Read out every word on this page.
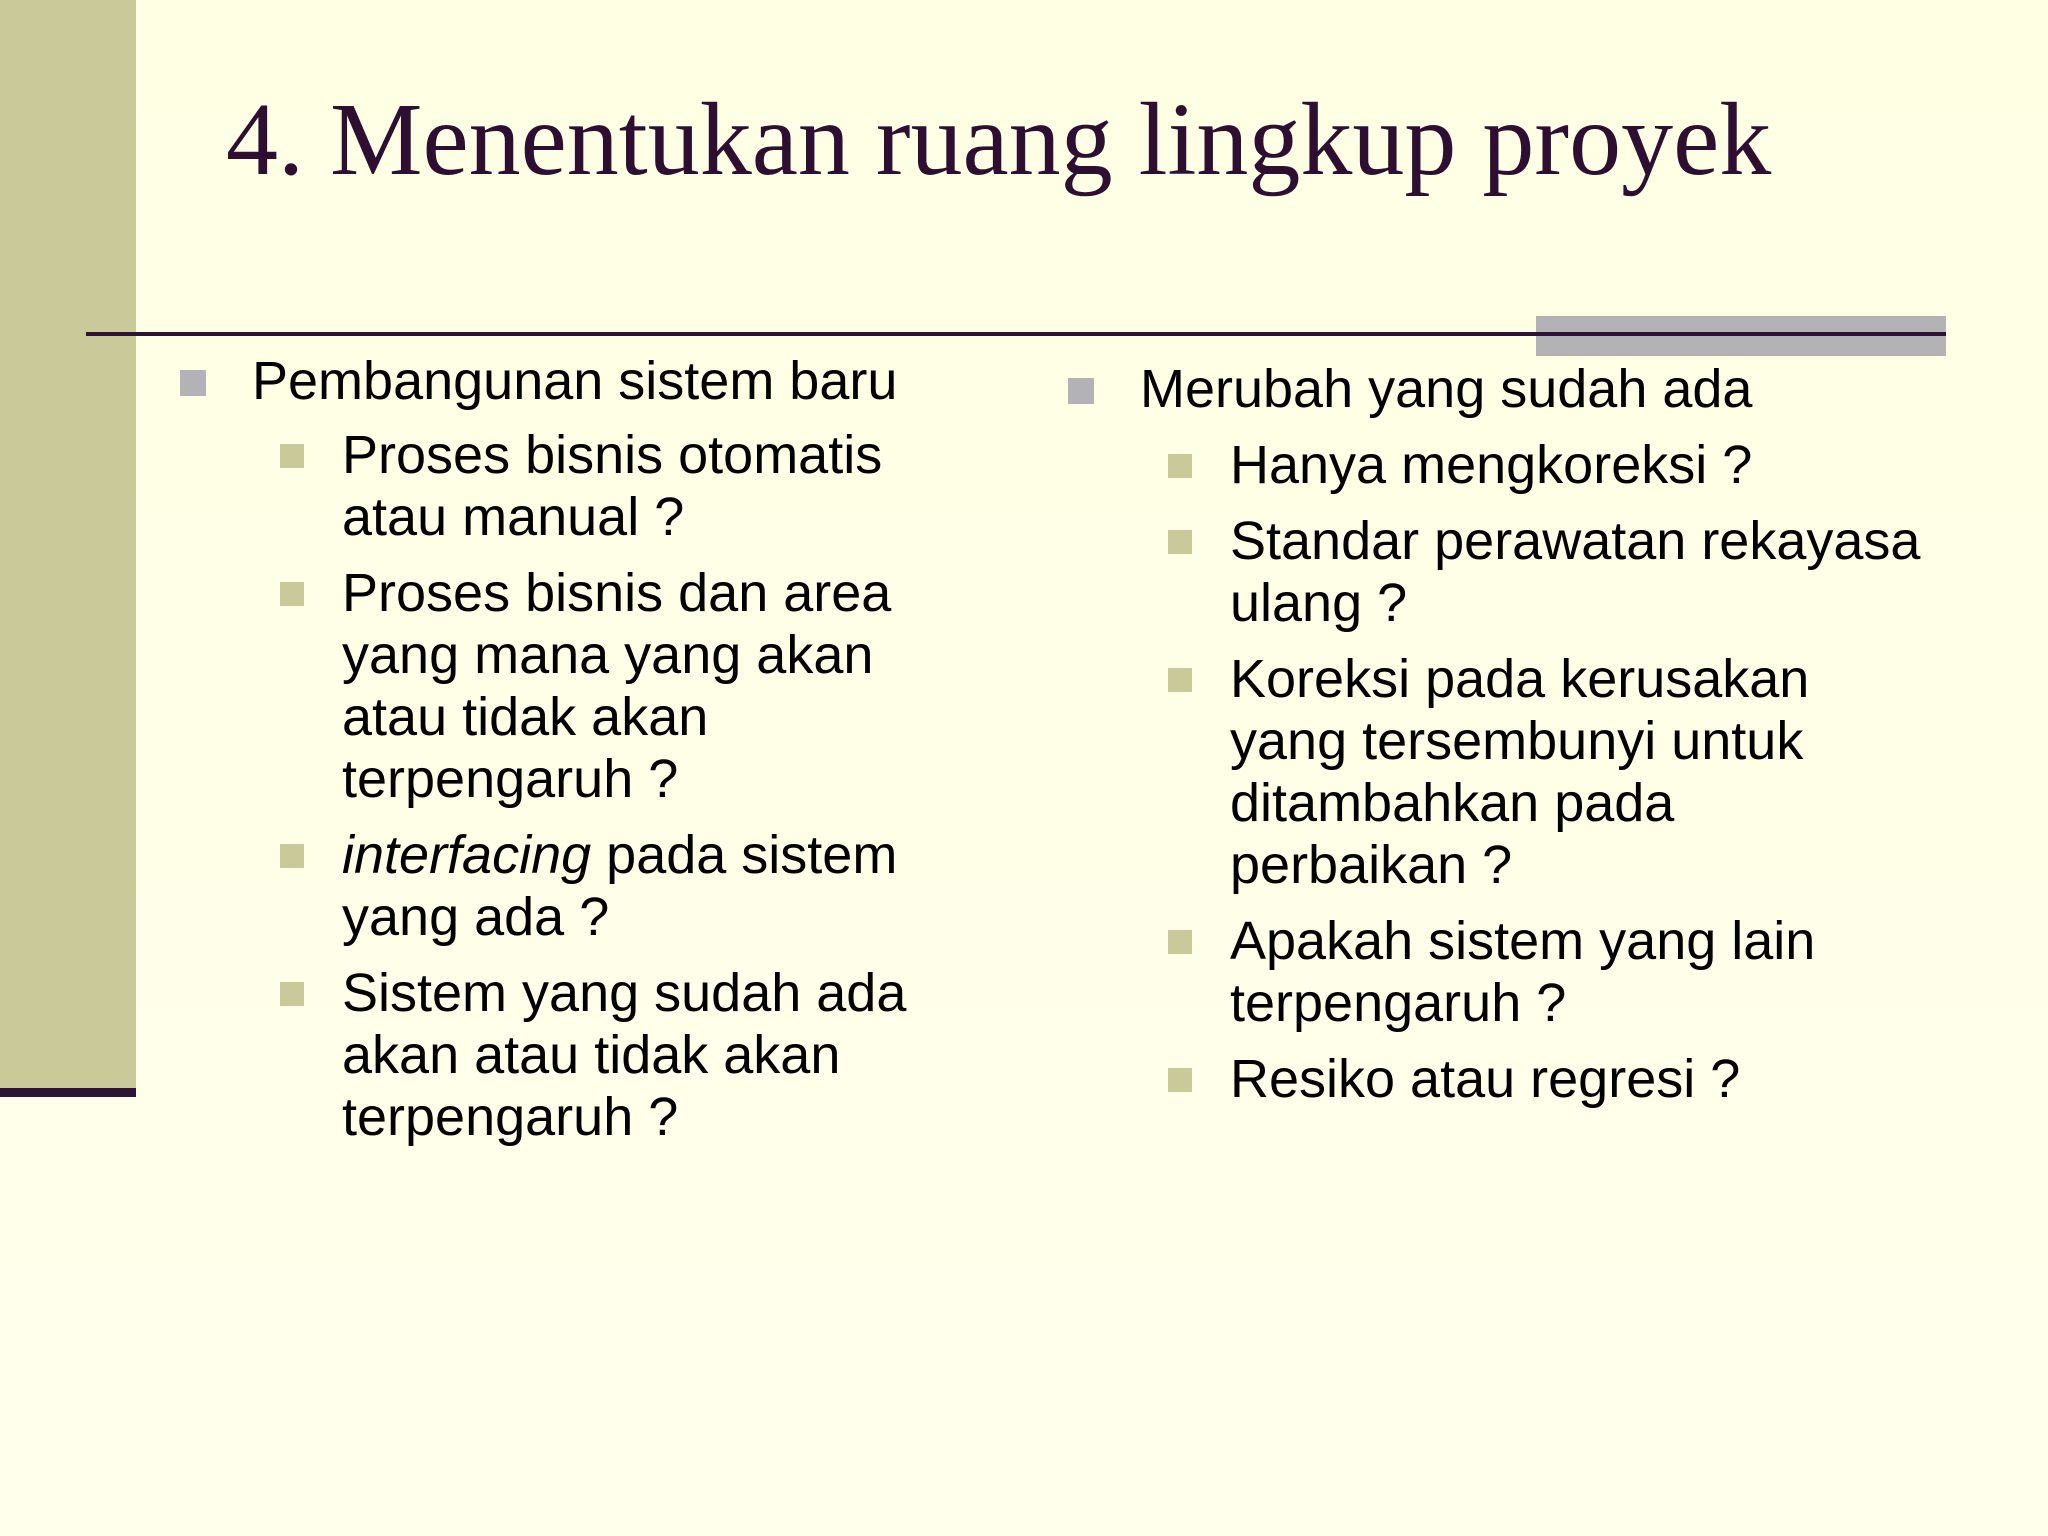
4. Menentukan ruang lingkup proyek
Pembangunan sistem baru
Proses bisnis otomatis atau manual ?
Proses bisnis dan area yang mana yang akan atau tidak akan terpengaruh ?
interfacing pada sistem yang ada ?
Sistem yang sudah ada akan atau tidak akan terpengaruh ?
Merubah yang sudah ada
Hanya mengkoreksi ?
Standar perawatan rekayasa ulang ?
Koreksi pada kerusakan yang tersembunyi untuk ditambahkan pada perbaikan ?
Apakah sistem yang lain terpengaruh ?
Resiko atau regresi ?
